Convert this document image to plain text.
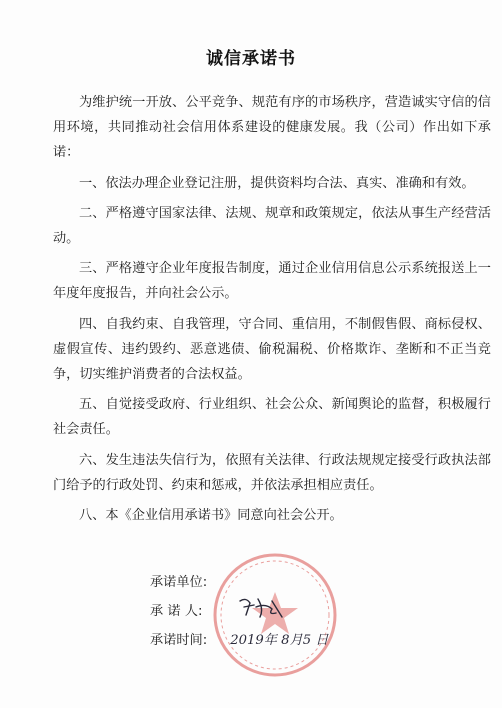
诚信承诺书

为维护统一开放、公平竞争、规范有序的市场秩序，营造诚实守信的信用环境，共同推动社会信用体系建设的健康发展。我（公司）作出如下承诺：

一、依法办理企业登记注册，提供资料均合法、真实、准确和有效。

二、严格遵守国家法律、法规、规章和政策规定，依法从事生产经营活动。

三、严格遵守企业年度报告制度，通过企业信用信息公示系统报送上一年度年度报告，并向社会公示。

四、自我约束、自我管理，守合同、重信用，不制假售假、商标侵权、虚假宣传、违约毁约、恶意逃债、偷税漏税、价格欺诈、垄断和不正当竞争，切实维护消费者的合法权益。

五、自觉接受政府、行业组织、社会公众、新闻舆论的监督，积极履行社会责任。

六、发生违法失信行为，依照有关法律、行政法规规定接受行政执法部门给予的行政处罚、约束和惩戒，并依法承担相应责任。

八、本《企业信用承诺书》同意向社会公开。

承诺单位:
承 诺 人:
承诺时间: 2019年 8月5 日
